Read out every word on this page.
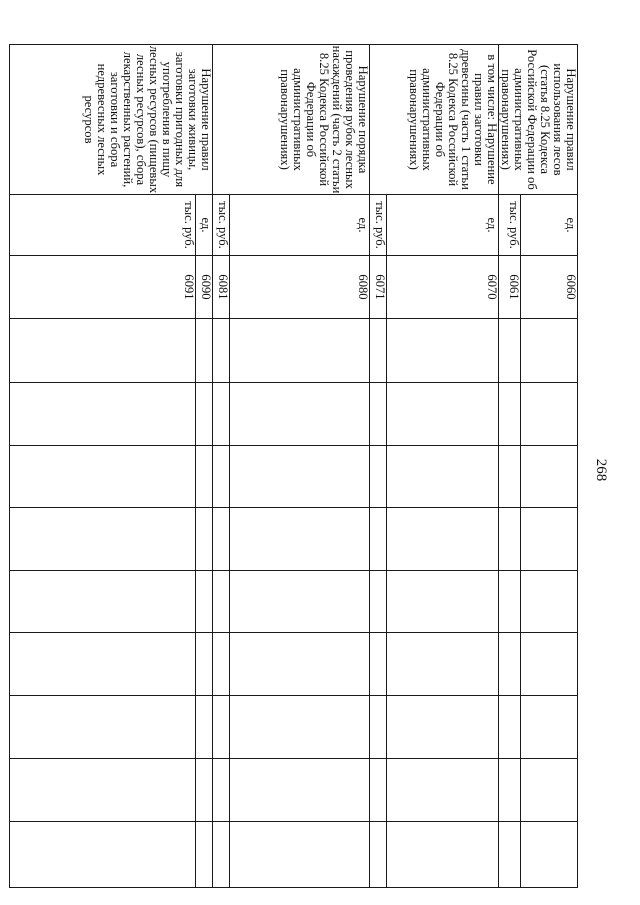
268
Нарушение правил использования лесов (статья 8.25 Кодекса Российской Федерации об административных правонарушениях)	ед.	6060									
	тыс. руб.	6061									
в том числе: Нарушение правил заготовки древесины (часть 1 статьи 8.25 Кодекса Российской Федерации об административных правонарушениях)	ед.	6070									
	тыс. руб.	6071									
Нарушение порядка проведения рубок лесных насаждений (часть 2 статьи 8.25 Кодекса Российской Федерации об административных правонарушениях)	ед.	6080									
	тыс. руб.	6081									
Нарушение правил заготовки живицы, заготовки пригодных для употребления в пищу лесных ресурсов (пищевых лесных ресурсов), сбора лекарственных растений, заготовки и сбора недревесных лесных ресурсов	ед.	6090									
	тыс. руб.	6091									
